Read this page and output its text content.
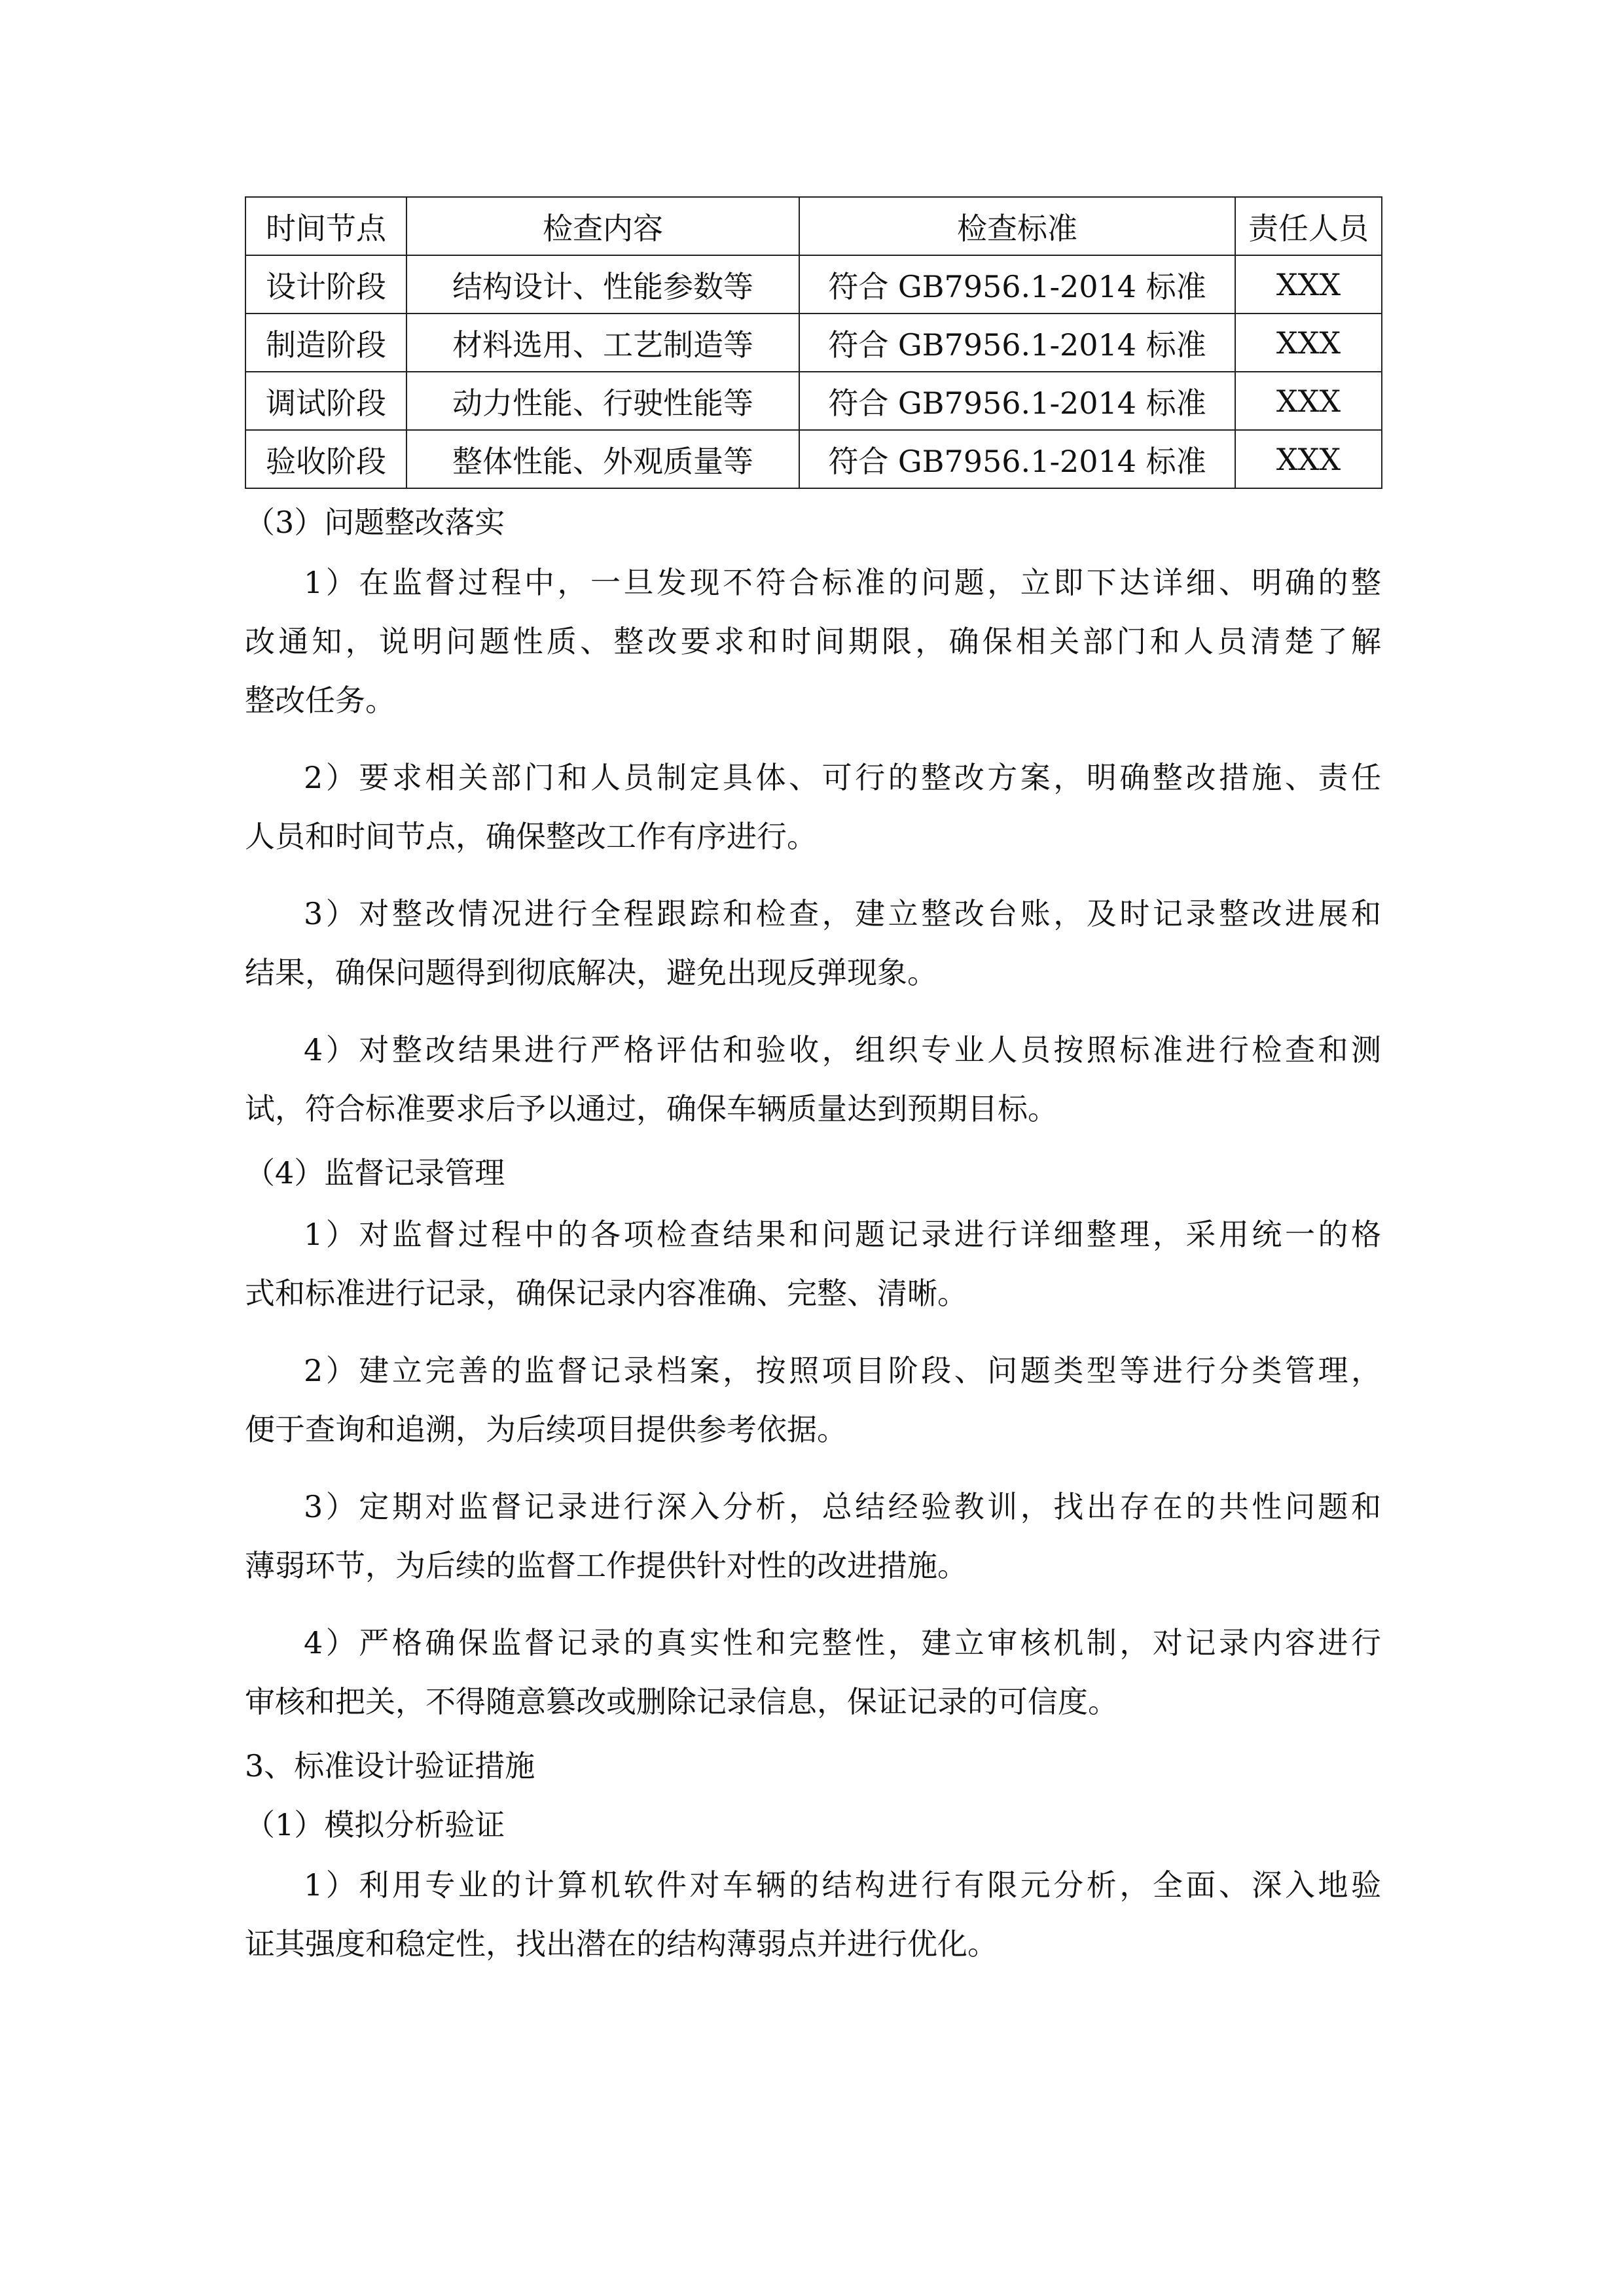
时间节点	检查内容	检查标准	责任人员
设计阶段	结构设计、性能参数等	符合 GB7956.1-2014 标准	XXX
制造阶段	材料选用、工艺制造等	符合 GB7956.1-2014 标准	XXX
调试阶段	动力性能、行驶性能等	符合 GB7956.1-2014 标准	XXX
验收阶段	整体性能、外观质量等	符合 GB7956.1-2014 标准	XXX
（3）问题整改落实
1）在监督过程中，一旦发现不符合标准的问题，立即下达详细、明确的整
改通知，说明问题性质、整改要求和时间期限，确保相关部门和人员清楚了解
整改任务。
2）要求相关部门和人员制定具体、可行的整改方案，明确整改措施、责任
人员和时间节点，确保整改工作有序进行。
3）对整改情况进行全程跟踪和检查，建立整改台账，及时记录整改进展和
结果，确保问题得到彻底解决，避免出现反弹现象。
4）对整改结果进行严格评估和验收，组织专业人员按照标准进行检查和测
试，符合标准要求后予以通过，确保车辆质量达到预期目标。
（4）监督记录管理
1）对监督过程中的各项检查结果和问题记录进行详细整理，采用统一的格
式和标准进行记录，确保记录内容准确、完整、清晰。
2）建立完善的监督记录档案，按照项目阶段、问题类型等进行分类管理，
便于查询和追溯，为后续项目提供参考依据。
3）定期对监督记录进行深入分析，总结经验教训，找出存在的共性问题和
薄弱环节，为后续的监督工作提供针对性的改进措施。
4）严格确保监督记录的真实性和完整性，建立审核机制，对记录内容进行
审核和把关，不得随意篡改或删除记录信息，保证记录的可信度。
3、标准设计验证措施
（1）模拟分析验证
1）利用专业的计算机软件对车辆的结构进行有限元分析，全面、深入地验
证其强度和稳定性，找出潜在的结构薄弱点并进行优化。
